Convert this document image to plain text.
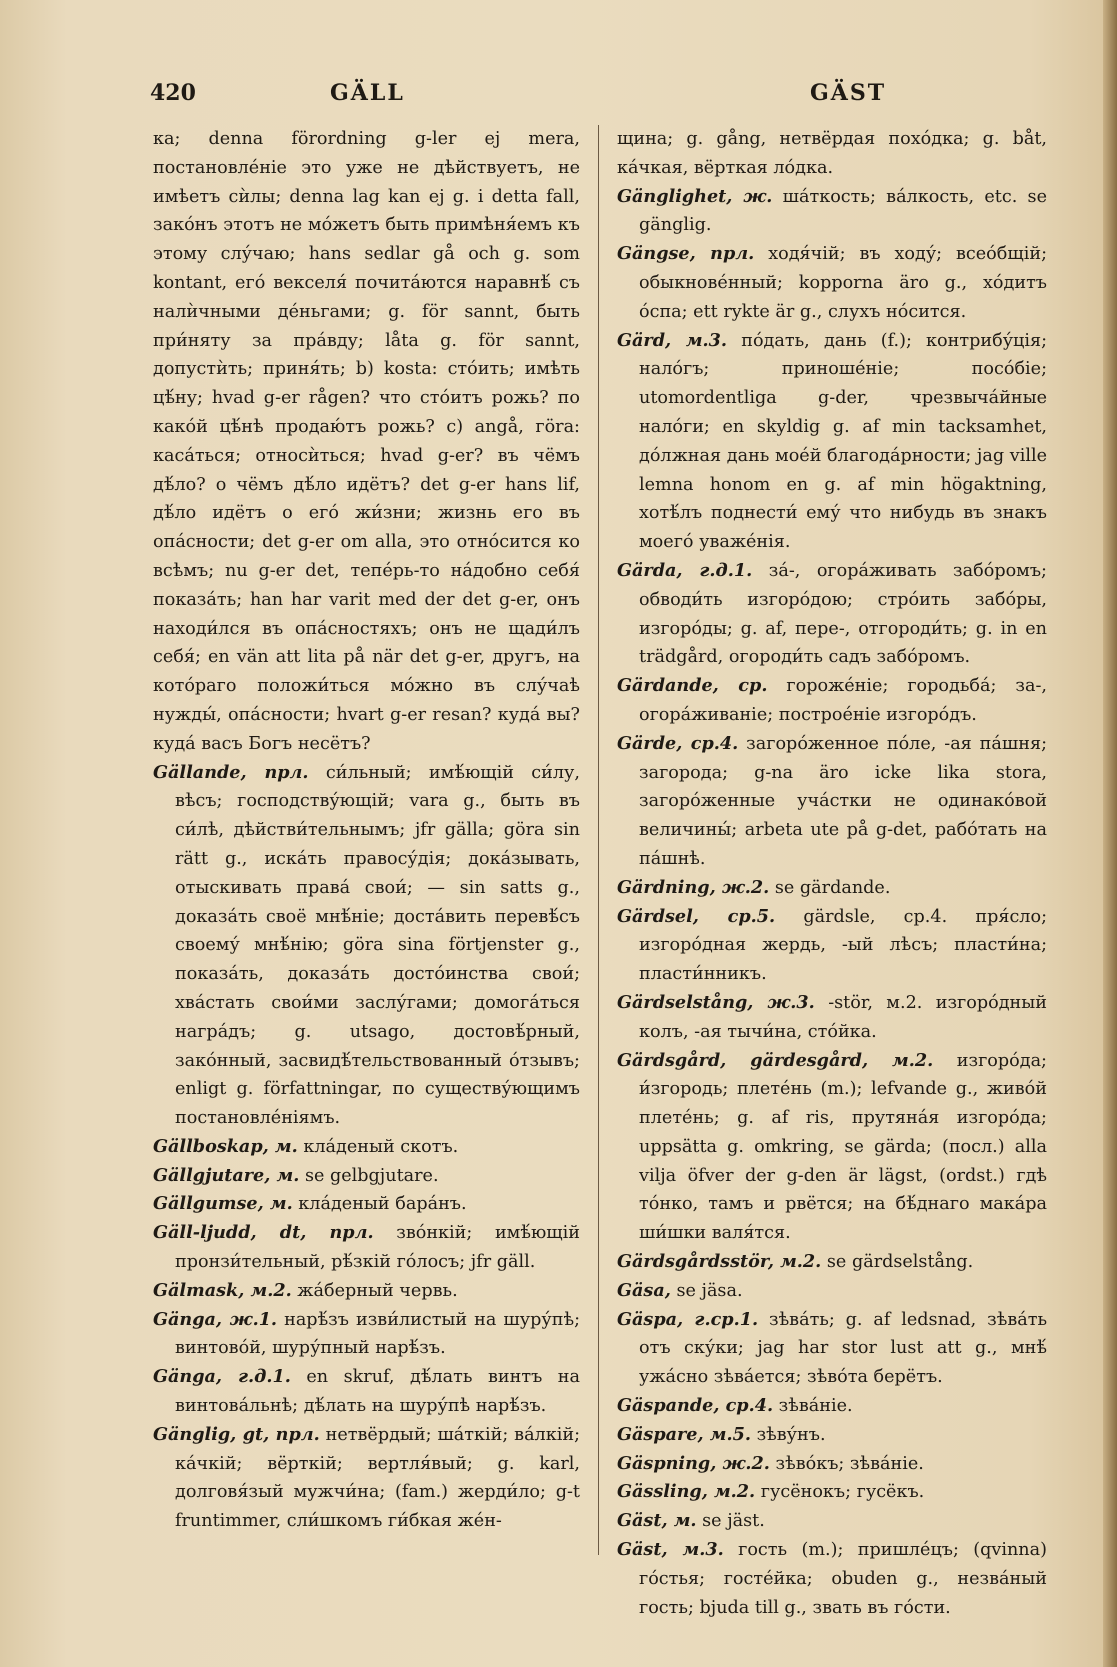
420	GÄLL	GÄST

ка; denna förordning g-ler ej mera, постановлéніе это уже не дѣйствуетъ, не имѣетъ сѝлы; denna lag kan ej g. i detta fall, закóнъ этотъ не мóжетъ быть примѣня́емъ къ этому слу́чаю; hans sedlar gå och g. som kontant, его́ векселя́ почита́ются наравнѣ́ съ налѝчными де́ньгами; g. för sannt, быть при́няту за пра́вду; låta g. för sannt, допустѝть; приня́ть; b) kosta: стóить; имѣть цѣ́ну; hvad g-er rågen? что стóитъ рожь? по какóй цѣ́нѣ продаю́тъ рожь? c) angå, гöra: каса́ться; относѝться; hvad g-er? въ чёмъ дѣ́ло? о чёмъ дѣ́ло идётъ? det g-er hans lif, дѣ́ло идётъ о его́ жи́зни; жизнь его въ опа́сности; det g-er om alla, это отнóсится ко всѣмъ; nu g-er det, тепе́рь-то на́добно себя́ показа́ть; han har varit med der det g-er, онъ находи́лся въ опа́сностяхъ; онъ не щади́лъ себя́; en vän att lita på när det g-er, другъ, на котóраго положи́ться мóжно въ слу́чаѣ нужды́, опа́сности; hvart g-er resan? куда́ вы? куда́ васъ Богъ несётъ?

Gällande, прл. си́льный; имѣ́ющій си́лу, вѣсъ; господству́ющій; vara g., быть въ си́лѣ, дѣйстви́тельнымъ; jfr gälla; göra sin rätt g., иска́ть правосу́дія; дока́зывать, отыскивать права́ свои́; — sin satts g., доказа́ть своё мнѣ́ніе; доста́вить перевѣ́съ своему́ мнѣ́нію; göra sina förtjenster g., показа́ть, доказа́ть достóинства свои́; хва́стать свои́ми заслу́гами; домога́ться награ́дъ; g. utsago, достовѣ́рный, закóнный, засвидѣ́тельствованный óтзывъ; enligt g. författningar, по существу́ющимъ постановле́ніямъ.

Gällboskap, м. кла́деный скотъ.

Gällgjutare, м. se gelbgjutare.

Gällgumse, м. кла́деный бара́нъ.

Gäll-ljudd, dt, прл. звóнкій; имѣ́ющій пронзи́тельный, рѣ́зкій гóлосъ; jfr gäll.

Gälmask, м.2. жа́берный червь.

Gänga, ж.1. нарѣ́зъ изви́листый на шуру́пѣ; винтовóй, шуру́пный нарѣ́зъ.

Gänga, г.д.1. en skruf, дѣ́лать винтъ на винтова́льнѣ; дѣ́лать на шуру́пѣ нарѣ́зъ.

Gänglig, gt, прл. нетвёрдый; ша́ткій; ва́лкій; ка́чкій; вёрткій; вертля́вый; g. karl, долговя́зый мужчи́на; (fam.) жерди́ло; g-t fruntimmer, сли́шкомъ ги́бкая же́н-

щина; g. gång, нетвёрдая похóдка; g. båt, ка́чкая, вёрткая лóдка.

Gänglighet, ж. ша́ткость; ва́лкость, etc. se gänglig.

Gängse, прл. ходя́чій; въ ходу́; всеóбщій; обыкновéнный; kopporna äro g., хóдитъ óспа; ett rykte är g., слухъ нóсится.

Gärd, м.3. пóдать, дань (f.); контрибу́ція; налóгъ; приношéніе; посóбіе; utomordentliga g-der, чрезвыча́йные налóги; en skyldig g. af min tacksamhet, дóлжная дань моéй благода́рности; jag ville lemna honom en g. af min högaktning, хотѣ́лъ поднести́ ему́ что нибудь въ знакъ моегó уважéнія.

Gärda, г.д.1. за́-, огора́живать забóромъ; обводи́ть изгорóдою; стрóить забóры, изгорóды; g. af, пере-, отгороди́ть; g. in en trädgård, огороди́ть садъ забóромъ.

Gärdande, ср. горожéніе; городьба́; за-, огора́живаніе; построéніе изгорóдъ.

Gärde, ср.4. загорóженное пóле, -ая па́шня; загорода; g-na äro icke lika stora, загорóженные уча́стки не одинакóвой величины́; arbeta ute på g-det, рабóтать на па́шнѣ.

Gärdning, ж.2. se gärdande.

Gärdsel, ср.5. gärdsle, ср.4. пря́сло; изгорóдная жердь, -ый лѣсъ; пласти́на; пласти́нникъ.

Gärdselstång, ж.3. -stör, м.2. изгорóдный колъ, -ая тычи́на, стóйка.

Gärdsgård, gärdesgård, м.2. изгорóда; и́згородь; плетéнь (m.); lefvande g., живóй плетéнь; g. af ris, прутяна́я изгорóда; uppsätta g. omkring, se gärda; (посл.) alla vilja öfver der g-den är lägst, (ordst.) гдѣ тóнко, тамъ и рвётся; на бѣ́днаго мака́ра ши́шки валя́тся.

Gärdsgårdsstör, м.2. se gärdselstång.

Gäsa, se jäsa.

Gäspa, г.ср.1. зѣва́ть; g. af ledsnad, зѣва́ть отъ ску́ки; jag har stor lust att g., мнѣ́ ужа́сно зѣва́ется; зѣвóта берётъ.

Gäspande, ср.4. зѣва́ніе.

Gäspare, м.5. зѣву́нъ.

Gäspning, ж.2. зѣвóкъ; зѣва́ніе.

Gässling, м.2. гусёнокъ; гусёкъ.

Gäst, м. se jäst.

Gäst, м.3. гость (m.); пришле́цъ; (qvinna) гóстья; гостéйка; obuden g., незва́ный гость; bjuda till g., звать въ гóсти.
